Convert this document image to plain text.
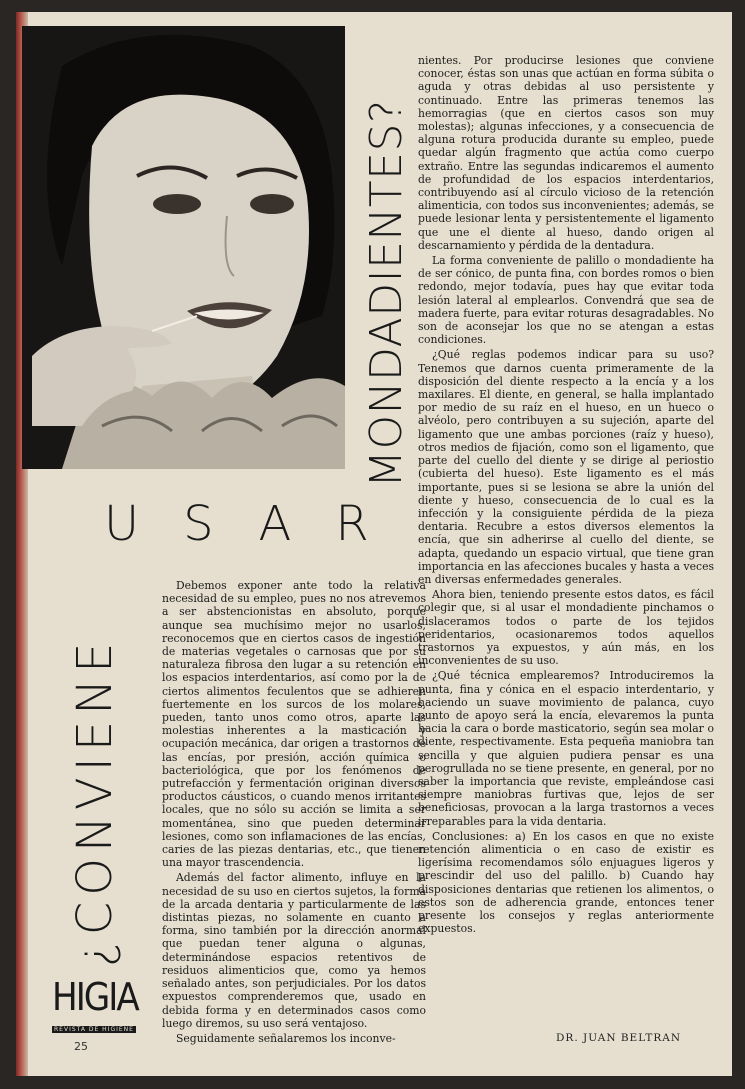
MONDADIENTES?
USAR
¿CONVIENE
HIGIA
REVISTA DE HIGIENE
25

Debemos exponer ante todo la relativa necesidad de su empleo, pues no nos atrevemos a ser abstencionistas en absoluto, porque aunque sea muchísimo mejor no usarlos, reconocemos que en ciertos casos de ingestión de materias vegetales o carnosas que por su naturaleza fibrosa den lugar a su retención en los espacios interdentarios, así como por la de ciertos alimentos feculentos que se adhieren fuertemente en los surcos de los molares, pueden, tanto unos como otros, aparte las molestias inherentes a la masticación y ocupación mecánica, dar origen a trastornos de las encías, por presión, acción química o bacteriológica, que por los fenómenos de putrefacción y fermentación originan diversos productos cáusticos, o cuando menos irritantes locales, que no sólo su acción se limita a ser momentánea, sino que pueden determinar lesiones, como son inflamaciones de las encías, caries de las piezas dentarias, etc., que tienen una mayor trascendencia.

Además del factor alimento, influye en la necesidad de su uso en ciertos sujetos, la forma de la arcada dentaria y particularmente de las distintas piezas, no solamente en cuanto a forma, sino también por la dirección anormal que puedan tener alguna o algunas, determinándose espacios retentivos de residuos alimenticios que, como ya hemos señalado antes, son perjudiciales. Por los datos expuestos comprenderemos que, usado en debida forma y en determinados casos como luego diremos, su uso será ventajoso.

Seguidamente señalaremos los inconve-

nientes. Por producirse lesiones que conviene conocer, éstas son unas que actúan en forma súbita o aguda y otras debidas al uso persistente y continuado. Entre las primeras tenemos las hemorragias (que en ciertos casos son muy molestas); algunas infecciones, y a consecuencia de alguna rotura producida durante su empleo, puede quedar algún fragmento que actúa como cuerpo extraño. Entre las segundas indicaremos el aumento de profundidad de los espacios interdentarios, contribuyendo así al círculo vicioso de la retención alimenticia, con todos sus inconvenientes; además, se puede lesionar lenta y persistentemente el ligamento que une el diente al hueso, dando origen al descarnamiento y pérdida de la dentadura.

La forma conveniente de palillo o mondadiente ha de ser cónico, de punta fina, con bordes romos o bien redondo, mejor todavía, pues hay que evitar toda lesión lateral al emplearlos. Convendrá que sea de madera fuerte, para evitar roturas desagradables. No son de aconsejar los que no se atengan a estas condiciones.

¿Qué reglas podemos indicar para su uso? Tenemos que darnos cuenta primeramente de la disposición del diente respecto a la encía y a los maxilares. El diente, en general, se halla implantado por medio de su raíz en el hueso, en un hueco o alvéolo, pero contribuyen a su sujeción, aparte del ligamento que une ambas porciones (raíz y hueso), otros medios de fijación, como son el ligamento, que parte del cuello del diente y se dirige al periostio (cubierta del hueso). Este ligamento es el más importante, pues si se lesiona se abre la unión del diente y hueso, consecuencia de lo cual es la infección y la consiguiente pérdida de la pieza dentaria. Recubre a estos diversos elementos la encía, que sin adherirse al cuello del diente, se adapta, quedando un espacio virtual, que tiene gran importancia en las afecciones bucales y hasta a veces en diversas enfermedades generales.

Ahora bien, teniendo presente estos datos, es fácil colegir que, si al usar el mondadiente pinchamos o dislaceramos todos o parte de los tejidos peridentarios, ocasionaremos todos aquellos trastornos ya expuestos, y aún más, en los inconvenientes de su uso.

¿Qué técnica emplearemos? Introduciremos la punta, fina y cónica en el espacio interdentario, y haciendo un suave movimiento de palanca, cuyo punto de apoyo será la encía, elevaremos la punta hacia la cara o borde masticatorio, según sea molar o diente, respectivamente. Esta pequeña maniobra tan sencilla y que alguien pudiera pensar es una perogrullada no se tiene presente, en general, por no saber la importancia que reviste, empleándose casi siempre maniobras furtivas que, lejos de ser beneficiosas, provocan a la larga trastornos a veces irreparables para la vida dentaria.

Conclusiones: a) En los casos en que no existe retención alimenticia o en caso de existir es ligerísima recomendamos sólo enjuagues ligeros y prescindir del uso del palillo. b) Cuando hay disposiciones dentarias que retienen los alimentos, o estos son de adherencia grande, entonces tener presente los consejos y reglas anteriormente expuestos.

DR. JUAN BELTRAN
